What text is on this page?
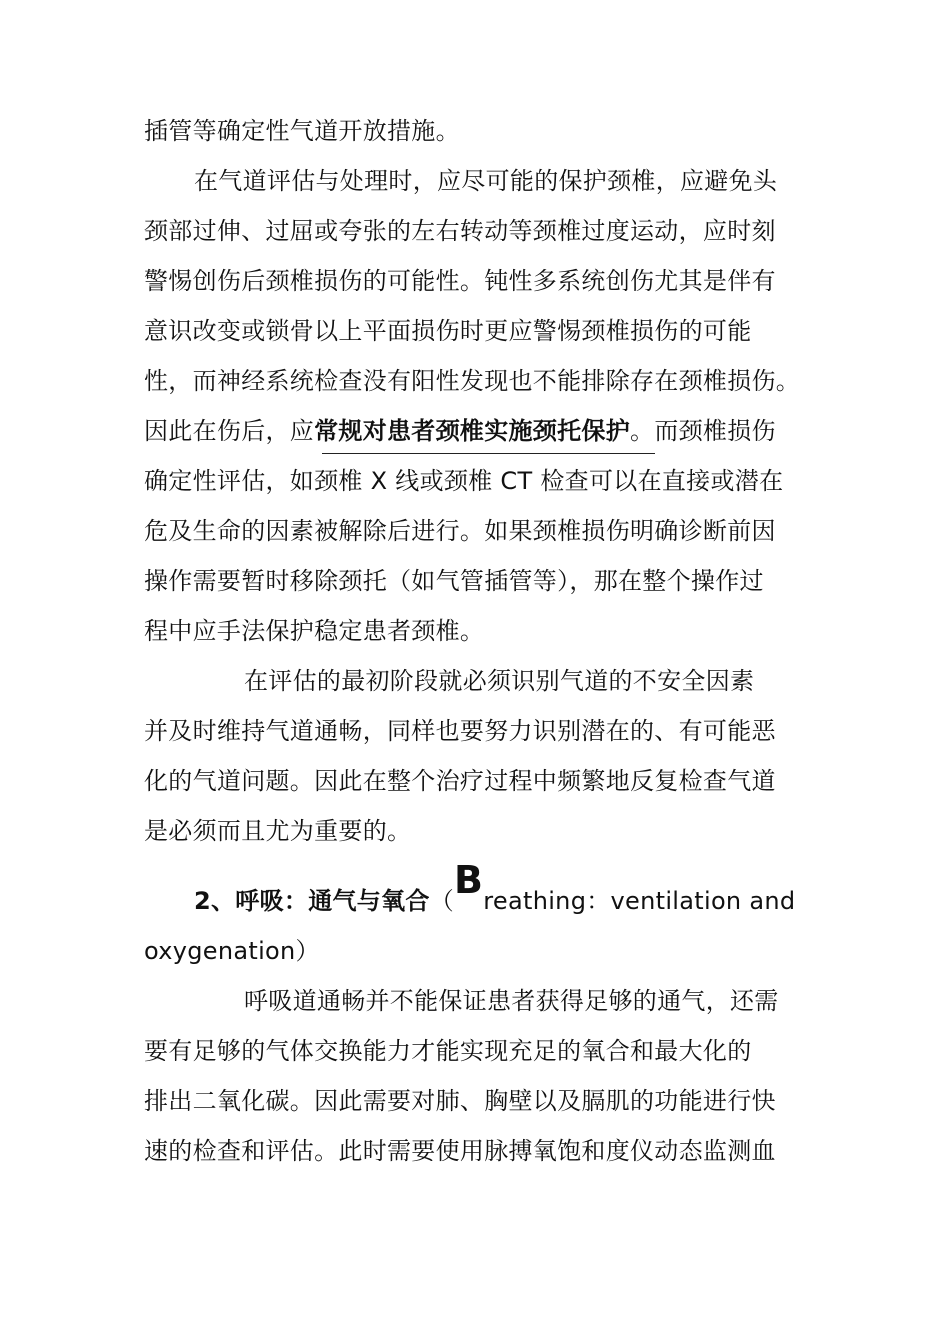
插管等确定性气道开放措施。
在气道评估与处理时，应尽可能的保护颈椎，应避免头
颈部过伸、过屈或夸张的左右转动等颈椎过度运动，应时刻
警惕创伤后颈椎损伤的可能性。钝性多系统创伤尤其是伴有
意识改变或锁骨以上平面损伤时更应警惕颈椎损伤的可能
性，而神经系统检查没有阳性发现也不能排除存在颈椎损伤。
因此在伤后，应常规对患者颈椎实施颈托保护。而颈椎损伤
确定性评估，如颈椎 X 线或颈椎 CT 检查可以在直接或潜在
危及生命的因素被解除后进行。如果颈椎损伤明确诊断前因
操作需要暂时移除颈托（如气管插管等），那在整个操作过
程中应手法保护稳定患者颈椎。
在评估的最初阶段就必须识别气道的不安全因素
并及时维持气道通畅，同样也要努力识别潜在的、有可能恶
化的气道问题。因此在整个治疗过程中频繁地反复检查气道
是必须而且尤为重要的。
2、呼吸：通气与氧合（Breathing：ventilation and
oxygenation）
呼吸道通畅并不能保证患者获得足够的通气，还需
要有足够的气体交换能力才能实现充足的氧合和最大化的
排出二氧化碳。因此需要对肺、胸壁以及膈肌的功能进行快
速的检查和评估。此时需要使用脉搏氧饱和度仪动态监测血
